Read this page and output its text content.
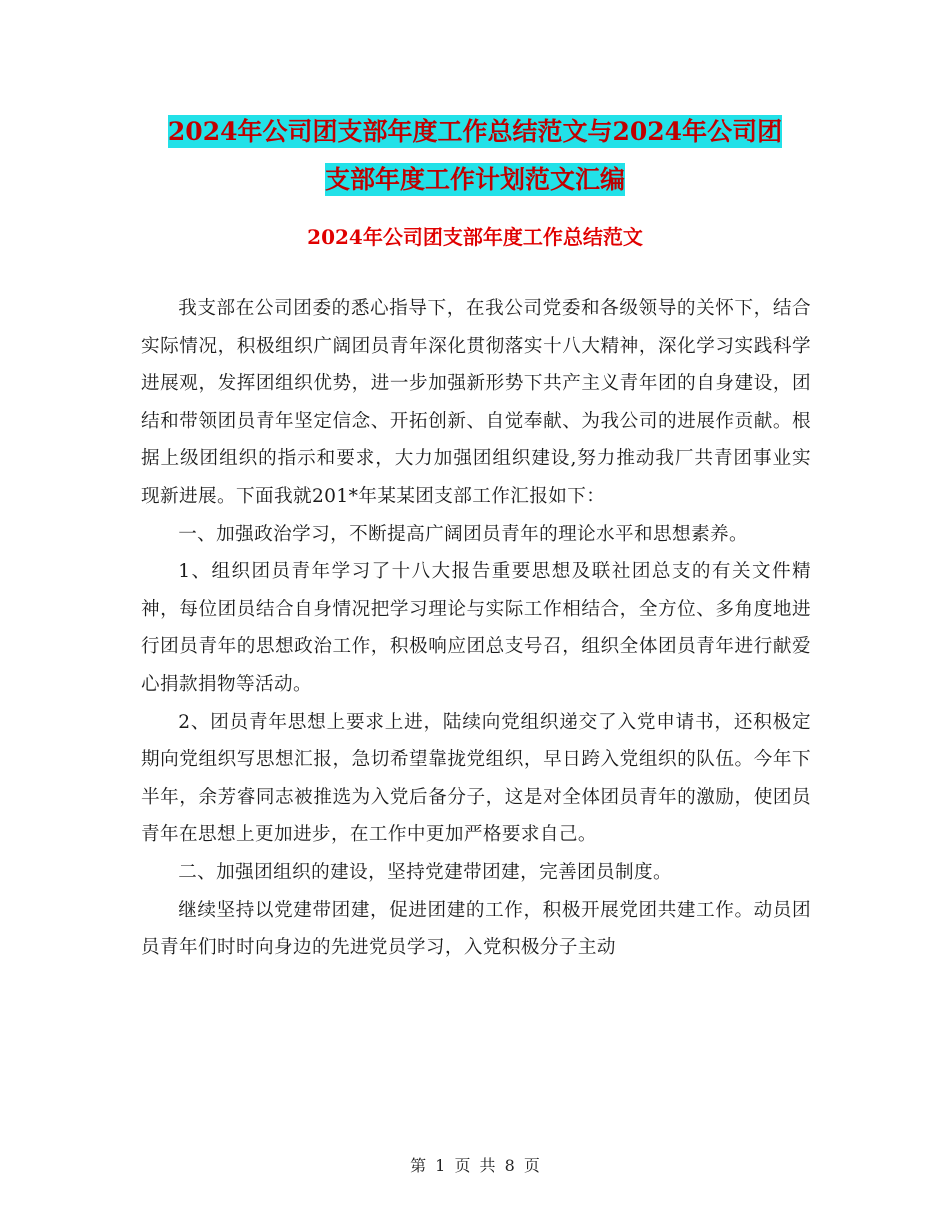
2024年公司团支部年度工作总结范文与2024年公司团
支部年度工作计划范文汇编
2024年公司团支部年度工作总结范文

我支部在公司团委的悉心指导下，在我公司党委和各级领导的关怀下，结合实际情况，积极组织广阔团员青年深化贯彻落实十八大精神，深化学习实践科学进展观，发挥团组织优势，进一步加强新形势下共产主义青年团的自身建设，团结和带领团员青年坚定信念、开拓创新、自觉奉献、为我公司的进展作贡献。根据上级团组织的指示和要求，大力加强团组织建设,努力推动我厂共青团事业实现新进展。下面我就201*年某某团支部工作汇报如下：

一、加强政治学习，不断提高广阔团员青年的理论水平和思想素养。

1、组织团员青年学习了十八大报告重要思想及联社团总支的有关文件精神，每位团员结合自身情况把学习理论与实际工作相结合，全方位、多角度地进行团员青年的思想政治工作，积极响应团总支号召，组织全体团员青年进行献爱心捐款捐物等活动。

2、团员青年思想上要求上进，陆续向党组织递交了入党申请书，还积极定期向党组织写思想汇报，急切希望靠拢党组织，早日跨入党组织的队伍。今年下半年，余芳睿同志被推选为入党后备分子，这是对全体团员青年的激励，使团员青年在思想上更加进步，在工作中更加严格要求自己。

二、加强团组织的建设，坚持党建带团建，完善团员制度。

继续坚持以党建带团建，促进团建的工作，积极开展党团共建工作。动员团员青年们时时向身边的先进党员学习，入党积极分子主动

第 1 页 共 8 页
